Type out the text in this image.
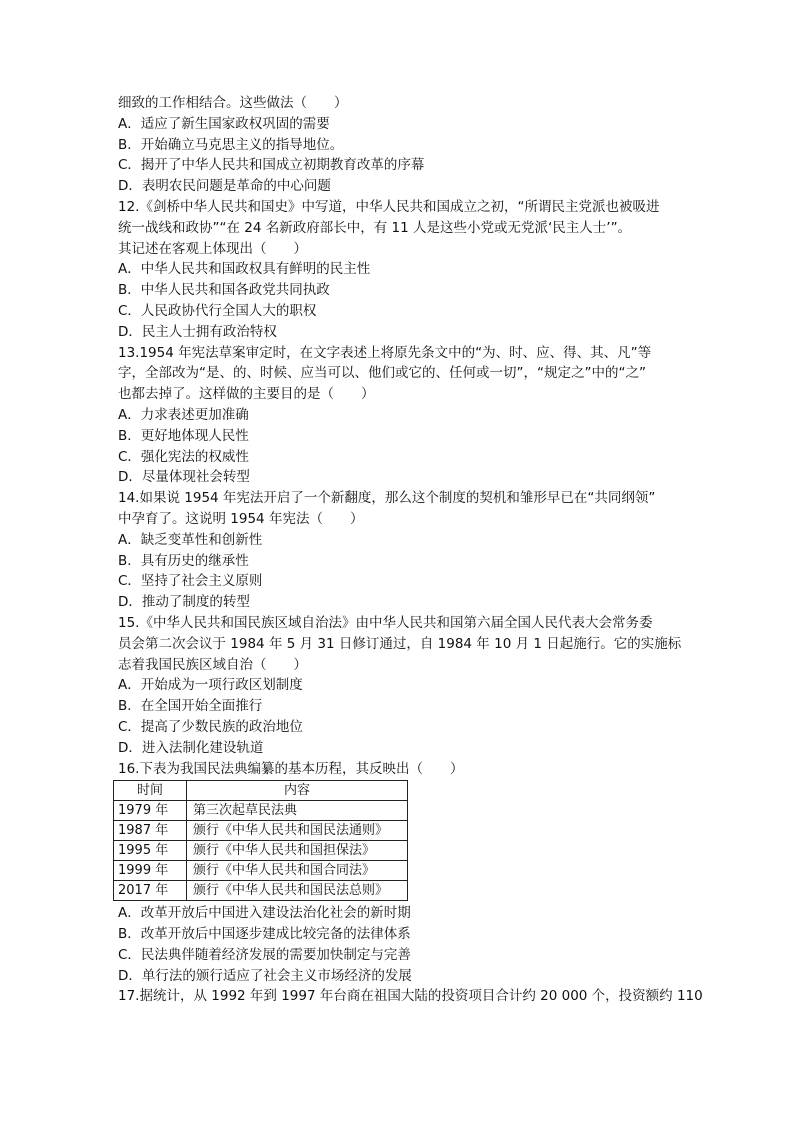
细致的工作相结合。这些做法（　　）
A．适应了新生国家政权巩固的需要
B．开始确立马克思主义的指导地位。
C．揭开了中华人民共和国成立初期教育改革的序幕
D．表明农民问题是革命的中心问题
12.《剑桥中华人民共和国史》中写道，中华人民共和国成立之初，“所谓民主党派也被吸进
统一战线和政协”“在 24 名新政府部长中，有 11 人是这些小党或无党派‘民主人士’”。
其记述在客观上体现出（　　）
A．中华人民共和国政权具有鲜明的民主性
B．中华人民共和国各政党共同执政
C．人民政协代行全国人大的职权
D．民主人士拥有政治特权
13.1954 年宪法草案审定时，在文字表述上将原先条文中的“为、时、应、得、其、凡”等
字，全部改为“是、的、时候、应当可以、他们或它的、任何或一切”，“规定之”中的“之”
也都去掉了。这样做的主要目的是（　　）
A．力求表述更加准确
B．更好地体现人民性
C．强化宪法的权威性
D．尽量体现社会转型
14.如果说 1954 年宪法开启了一个新翻度，那么这个制度的契机和雏形早已在“共同纲领”
中孕育了。这说明 1954 年宪法（　　）
A．缺乏变革性和创新性
B．具有历史的继承性
C．坚持了社会主义原则
D．推动了制度的转型
15.《中华人民共和国民族区域自治法》由中华人民共和国第六届全国人民代表大会常务委
员会第二次会议于 1984 年 5 月 31 日修订通过，自 1984 年 10 月 1 日起施行。它的实施标
志着我国民族区域自治（　　）
A．开始成为一项行政区划制度
B．在全国开始全面推行
C．提高了少数民族的政治地位
D．进入法制化建设轨道
16.下表为我国民法典编纂的基本历程，其反映出（　　）
时间	内容
1979 年	第三次起草民法典
1987 年	颁行《中华人民共和国民法通则》
1995 年	颁行《中华人民共和国担保法》
1999 年	颁行《中华人民共和国合同法》
2017 年	颁行《中华人民共和国民法总则》
A．改革开放后中国进入建设法治化社会的新时期
B．改革开放后中国逐步建成比较完备的法律体系
C．民法典伴随着经济发展的需要加快制定与完善
D．单行法的颁行适应了社会主义市场经济的发展
17.据统计，从 1992 年到 1997 年台商在祖国大陆的投资项目合计约 20 000 个，投资额约 110
